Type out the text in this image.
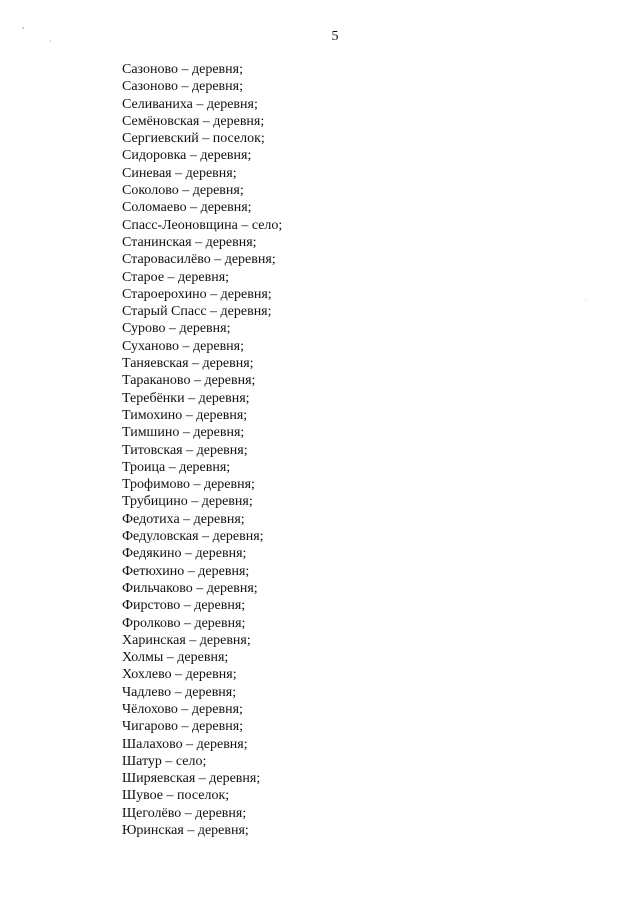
5
Сазоново – деревня;
Сазоново – деревня;
Селиваниха – деревня;
Семёновская – деревня;
Сергиевский – поселок;
Сидоровка – деревня;
Синевая – деревня;
Соколово – деревня;
Соломаево – деревня;
Спасс-Леоновщина – село;
Станинская – деревня;
Старовасилёво – деревня;
Старое – деревня;
Староерохино – деревня;
Старый Спасс – деревня;
Сурово – деревня;
Суханово – деревня;
Таняевская – деревня;
Тараканово – деревня;
Теребёнки – деревня;
Тимохино – деревня;
Тимшино – деревня;
Титовская – деревня;
Троица – деревня;
Трофимово – деревня;
Трубицино – деревня;
Федотиха – деревня;
Федуловская – деревня;
Федякино – деревня;
Фетюхино – деревня;
Фильчаково – деревня;
Фирстово – деревня;
Фролково – деревня;
Харинская – деревня;
Холмы – деревня;
Хохлево – деревня;
Чадлево – деревня;
Чёлохово – деревня;
Чигарово – деревня;
Шалахово – деревня;
Шатур – село;
Ширяевская – деревня;
Шувое – поселок;
Щеголёво – деревня;
Юринская – деревня;
